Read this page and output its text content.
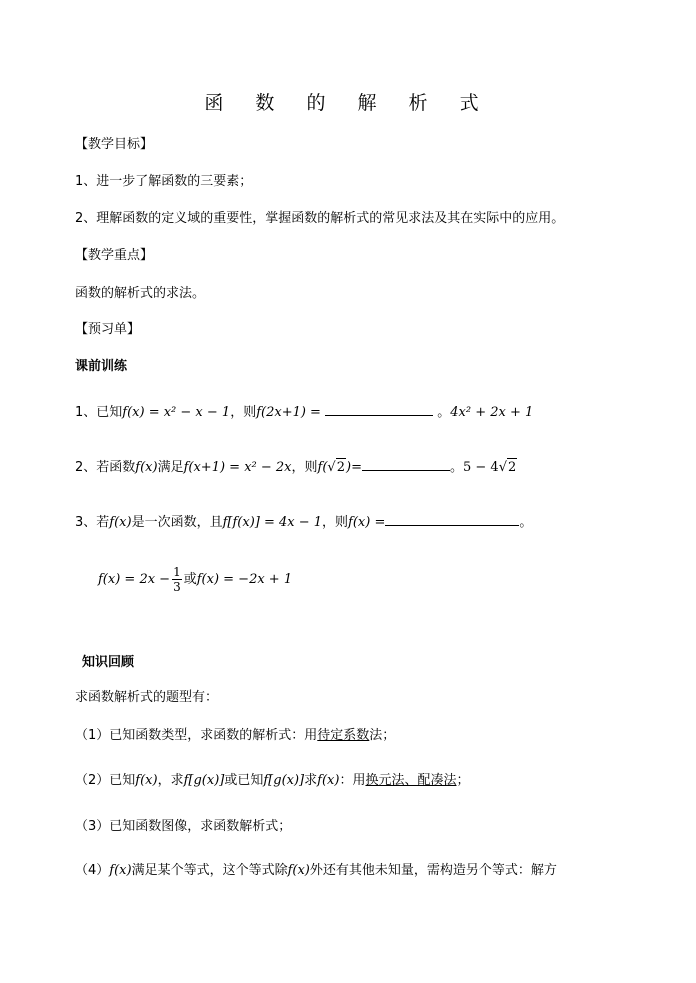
函 数 的 解 析 式
【教学目标】
1、进一步了解函数的三要素；
2、理解函数的定义域的重要性，掌握函数的解析式的常见求法及其在实际中的应用。
【教学重点】
函数的解析式的求法。
【预习单】
课前训练
1、已知f(x) = x² − x − 1，则f(2x+1) =	。4x² + 2x + 1
2、若函数f(x)满足f(x+1) = x² − 2x，则f(√2)=	。5 − 4√2
3、若f(x)是一次函数，且f[f(x)] = 4x − 1，则f(x) =	。
$f(x) = 2x - \frac{1}{3}$ 或f(x) = −2x + 1
知识回顾
求函数解析式的题型有：
（1）已知函数类型，求函数的解析式：用待定系数法；
（2）已知f(x)，求f[g(x)]或已知f[g(x)]求f(x)：用换元法、配凑法；
（3）已知函数图像，求函数解析式；
（4）f(x)满足某个等式，这个等式除f(x)外还有其他未知量，需构造另个等式：解方
